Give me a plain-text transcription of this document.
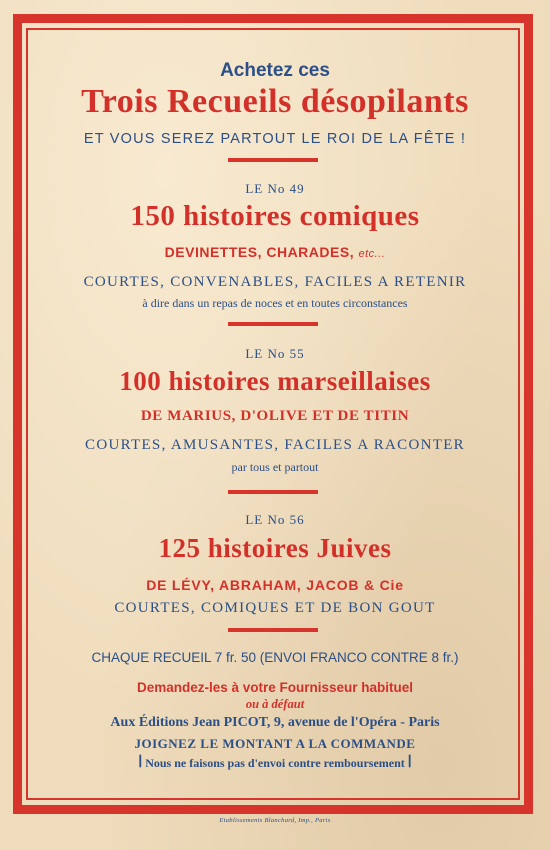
Achetez ces
Trois Recueils désopilants
ET VOUS SEREZ PARTOUT LE ROI DE LA FÊTE !
LE No 49
150 histoires comiques
DEVINETTES, CHARADES, etc...
COURTES, CONVENABLES, FACILES A RETENIR
à dire dans un repas de noces et en toutes circonstances
LE No 55
100 histoires marseillaises
DE MARIUS, D'OLIVE ET DE TITIN
COURTES, AMUSANTES, FACILES A RACONTER
par tous et partout
LE No 56
125 histoires Juives
DE LÉVY, ABRAHAM, JACOB & Cie
COURTES, COMIQUES ET DE BON GOUT
CHAQUE RECUEIL 7 fr. 50 (ENVOI FRANCO CONTRE 8 fr.)
Demandez-les à votre Fournisseur habituel
ou à défaut
Aux Éditions Jean PICOT, 9, avenue de l'Opéra - Paris
JOIGNEZ LE MONTANT A LA COMMANDE
ꟾ Nous ne faisons pas d'envoi contre remboursement ꟾ
Etablissements Blanchard, Imp., Paris
